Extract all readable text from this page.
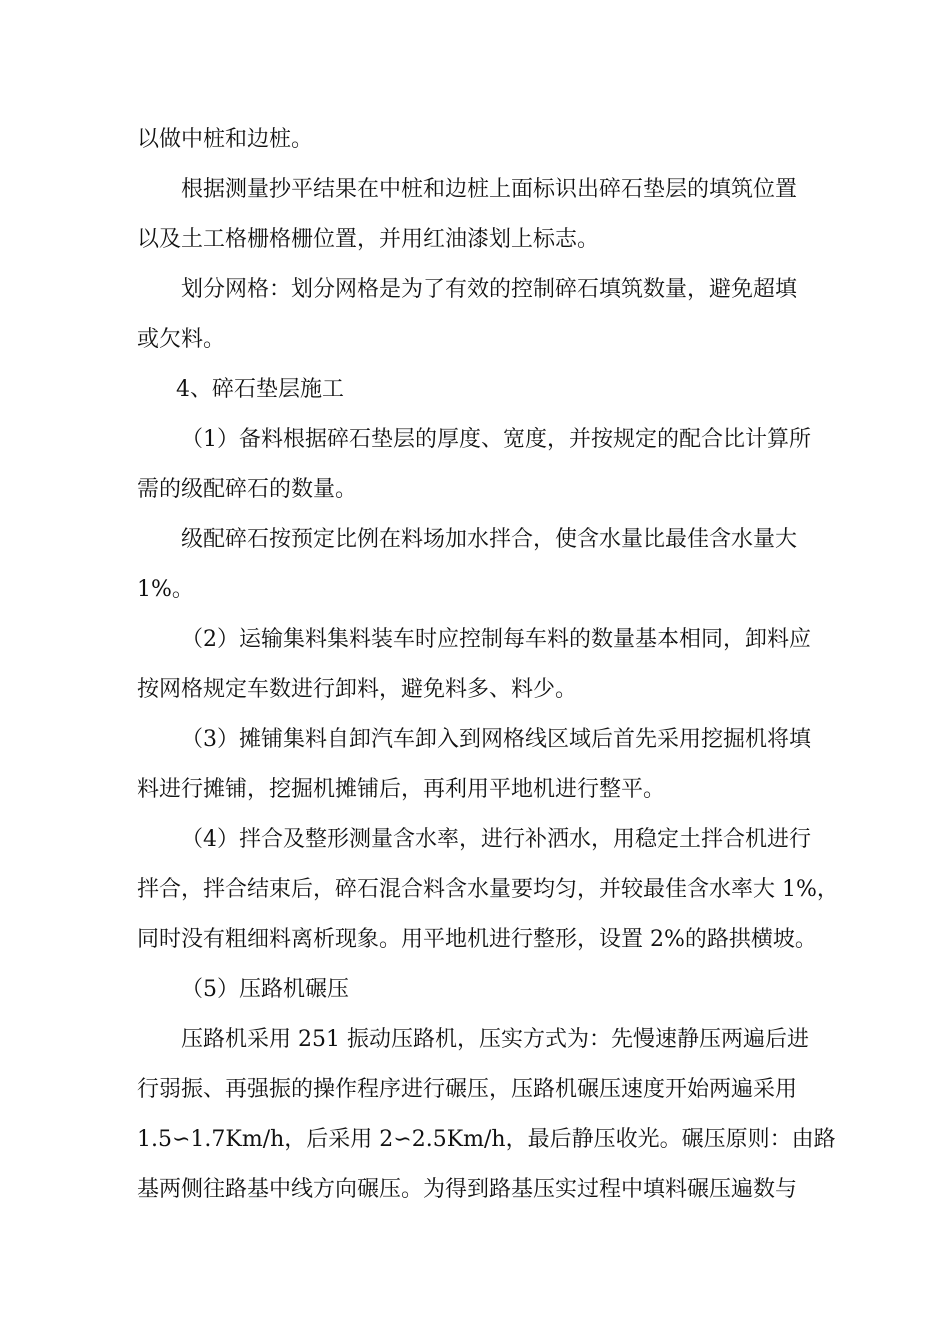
以做中桩和边桩。
根据测量抄平结果在中桩和边桩上面标识出碎石垫层的填筑位置
以及土工格栅格栅位置，并用红油漆划上标志。
划分网格：划分网格是为了有效的控制碎石填筑数量，避免超填
或欠料。
4、碎石垫层施工
（1）备料根据碎石垫层的厚度、宽度，并按规定的配合比计算所
需的级配碎石的数量。
级配碎石按预定比例在料场加水拌合，使含水量比最佳含水量大
1%。
（2）运输集料集料装车时应控制每车料的数量基本相同，卸料应
按网格规定车数进行卸料，避免料多、料少。
（3）摊铺集料自卸汽车卸入到网格线区域后首先采用挖掘机将填
料进行摊铺，挖掘机摊铺后，再利用平地机进行整平。
（4）拌合及整形测量含水率，进行补洒水，用稳定土拌合机进行
拌合，拌合结束后，碎石混合料含水量要均匀，并较最佳含水率大 1%，
同时没有粗细料离析现象。用平地机进行整形，设置 2%的路拱横坡。
（5）压路机碾压
压路机采用 251 振动压路机，压实方式为：先慢速静压两遍后进
行弱振、再强振的操作程序进行碾压，压路机碾压速度开始两遍采用
1.5∽1.7Km/h，后采用 2∽2.5Km/h，最后静压收光。碾压原则：由路
基两侧往路基中线方向碾压。为得到路基压实过程中填料碾压遍数与
